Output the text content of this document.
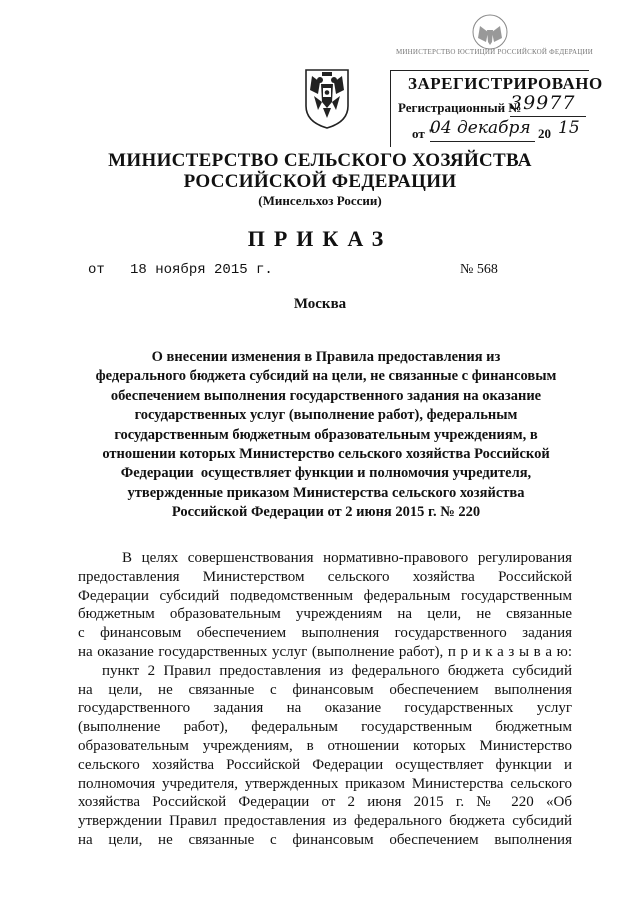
МИНИСТЕРСТВО ЮСТИЦИИ РОССИЙСКОЙ ФЕДЕРАЦИИ
ЗАРЕГИСТРИРОВАНО
Регистрационный №
39977
от "
04 декабря 20 15
МИНИСТЕРСТВО СЕЛЬСКОГО ХОЗЯЙСТВА
РОССИЙСКОЙ ФЕДЕРАЦИИ
(Минсельхоз России)
ПРИКАЗ
от   18 ноября 2015 г.	№ 568
Москва
О внесении изменения в Правила предоставления из
федерального бюджета субсидий на цели, не связанные с финансовым
обеспечением выполнения государственного задания на оказание
государственных услуг (выполнение работ), федеральным
государственным бюджетным образовательным учреждениям, в
отношении которых Министерство сельского хозяйства Российской
Федерации  осуществляет функции и полномочия учредителя,
утвержденные приказом Министерства сельского хозяйства
Российской Федерации от 2 июня 2015 г. № 220
В целях совершенствования нормативно-правового регулирования
предоставления Министерством сельского хозяйства Российской
Федерации субсидий подведомственным федеральным государственным
бюджетным образовательным учреждениям на цели, не связанные
с финансовым обеспечением выполнения государственного задания
на оказание государственных услуг (выполнение работ), п р и к а з ы в а ю:
пункт 2 Правил предоставления из федерального бюджета субсидий
на цели, не связанные с финансовым обеспечением выполнения
государственного задания на оказание государственных услуг
(выполнение работ), федеральным государственным бюджетным
образовательным учреждениям, в отношении которых Министерство
сельского хозяйства Российской Федерации осуществляет функции и
полномочия учредителя, утвержденных приказом Министерства сельского
хозяйства Российской Федерации от 2 июня 2015 г. № 220 «Об
утверждении Правил предоставления из федерального бюджета субсидий
на цели, не связанные с финансовым обеспечением выполнения
